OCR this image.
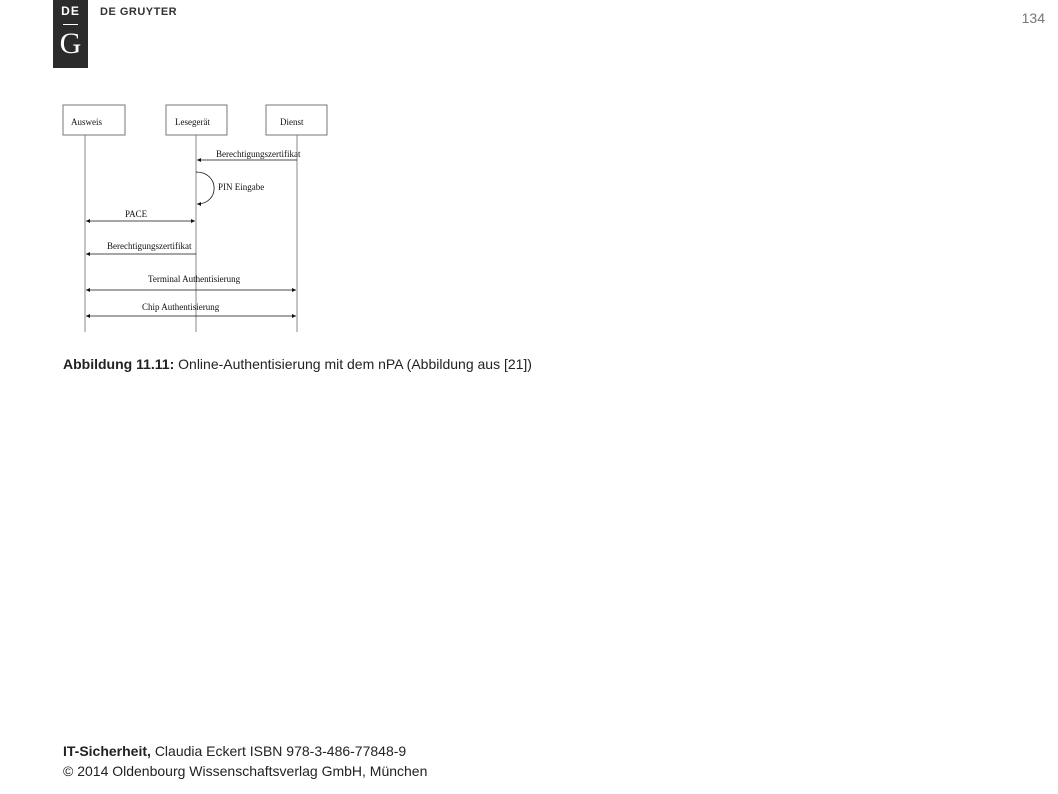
DE
G
DE GRUYTER	134
Ausweis	Lesegerät	Dienst
Berechtigungszertifikat
PIN Eingabe
PACE
Berechtigungszertifikat
Terminal Authentisierung
Chip Authentisierung
Abbildung 11.11: Online-Authentisierung mit dem nPA (Abbildung aus [21])
IT-Sicherheit, Claudia Eckert ISBN 978-3-486-77848-9
© 2014 Oldenbourg Wissenschaftsverlag GmbH, München
